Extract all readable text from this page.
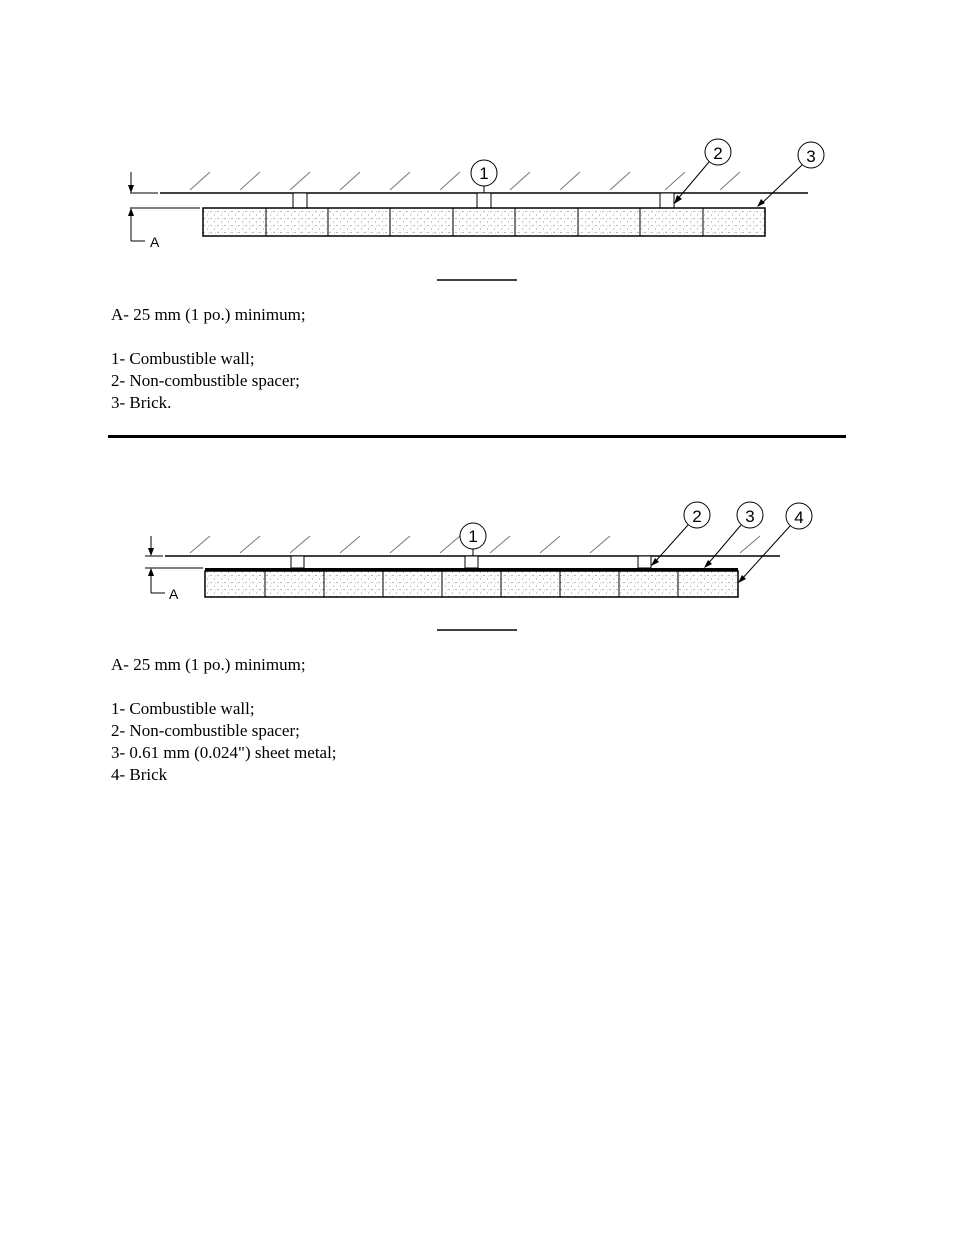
A
1
2	3
A- 25 mm (1 po.) minimum;
1- Combustible wall;
2- Non-combustible spacer;
3- Brick.
A
1
2	3 4
A- 25 mm (1 po.) minimum;
1- Combustible wall;
2- Non-combustible spacer;
3- 0.61 mm (0.024") sheet metal;
4- Brick
